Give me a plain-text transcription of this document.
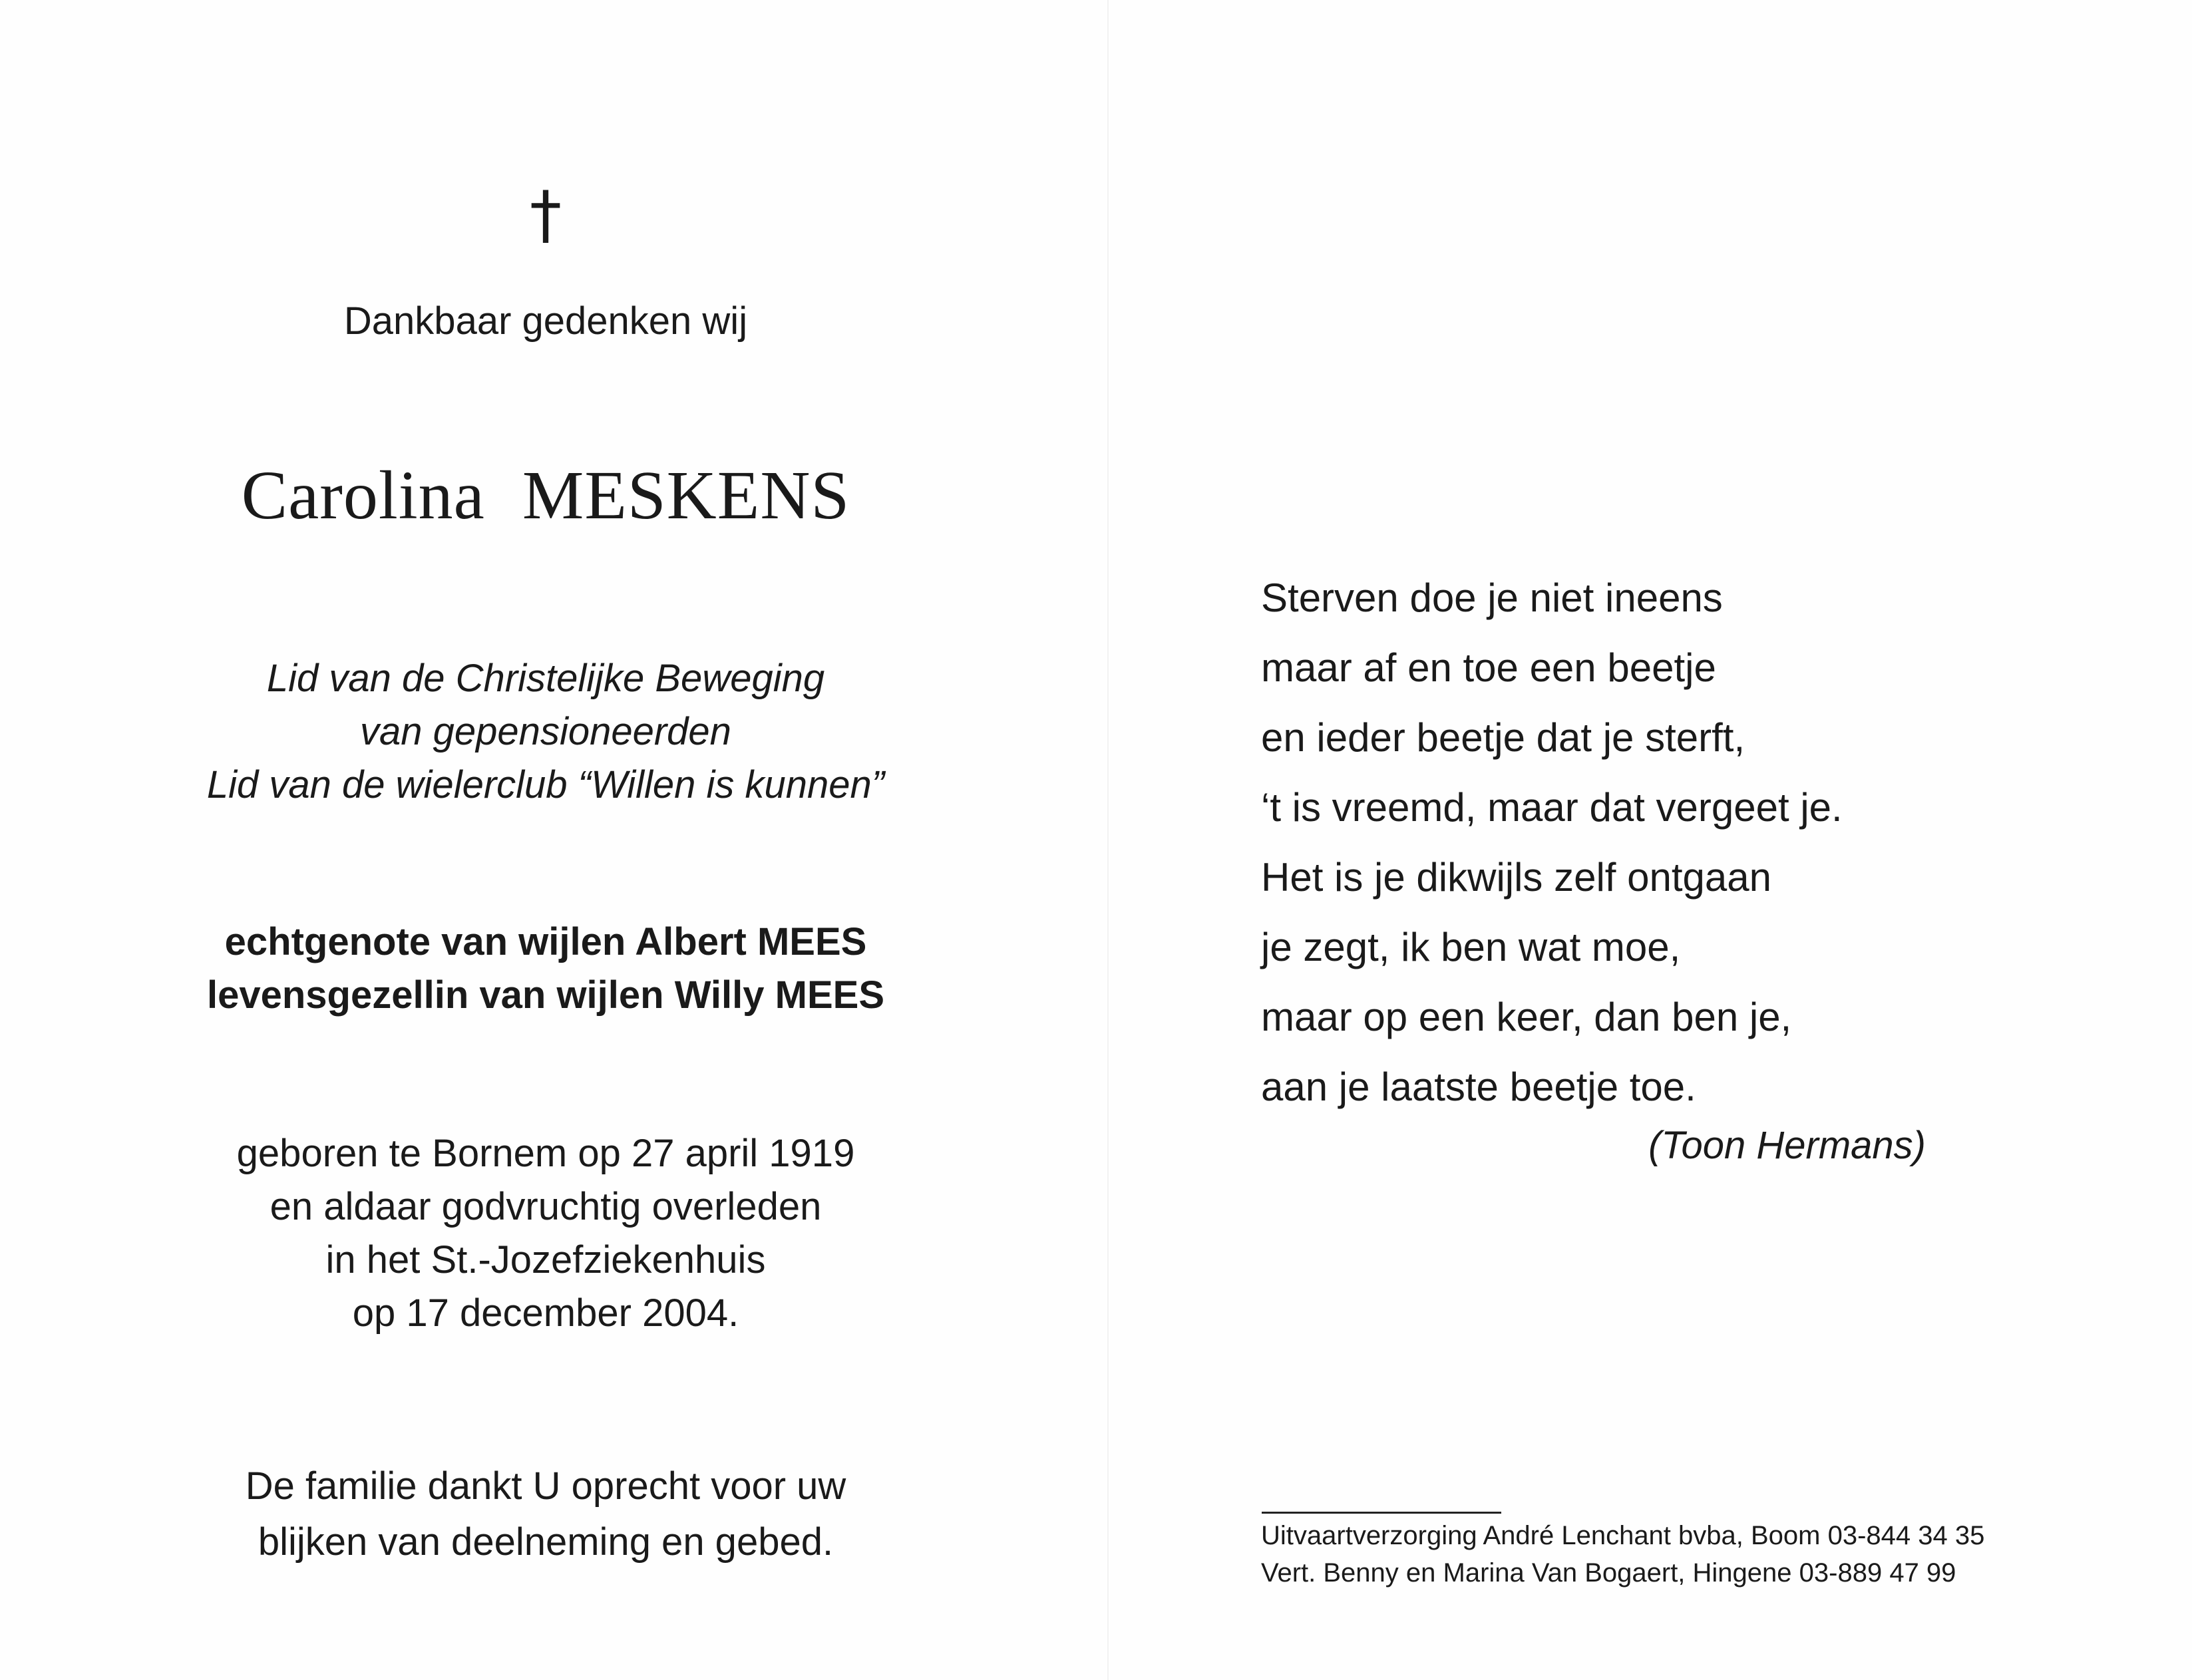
†
Dankbaar gedenken wij
Carolina MESKENS
Lid van de Christelijke Beweging
van gepensioneerden
Lid van de wielerclub “Willen is kunnen”
echtgenote van wijlen Albert MEES
levensgezellin van wijlen Willy MEES
geboren te Bornem op 27 april 1919
en aldaar godvruchtig overleden
in het St.-Jozefziekenhuis
op 17 december 2004.
De familie dankt U oprecht voor uw
blijken van deelneming en gebed.
Sterven doe je niet ineens
maar af en toe een beetje
en ieder beetje dat je sterft,
‘t is vreemd, maar dat vergeet je.
Het is je dikwijls zelf ontgaan
je zegt, ik ben wat moe,
maar op een keer, dan ben je,
aan je laatste beetje toe.
(Toon Hermans)
Uitvaartverzorging André Lenchant bvba, Boom 03-844 34 35
Vert. Benny en Marina Van Bogaert, Hingene 03-889 47 99
